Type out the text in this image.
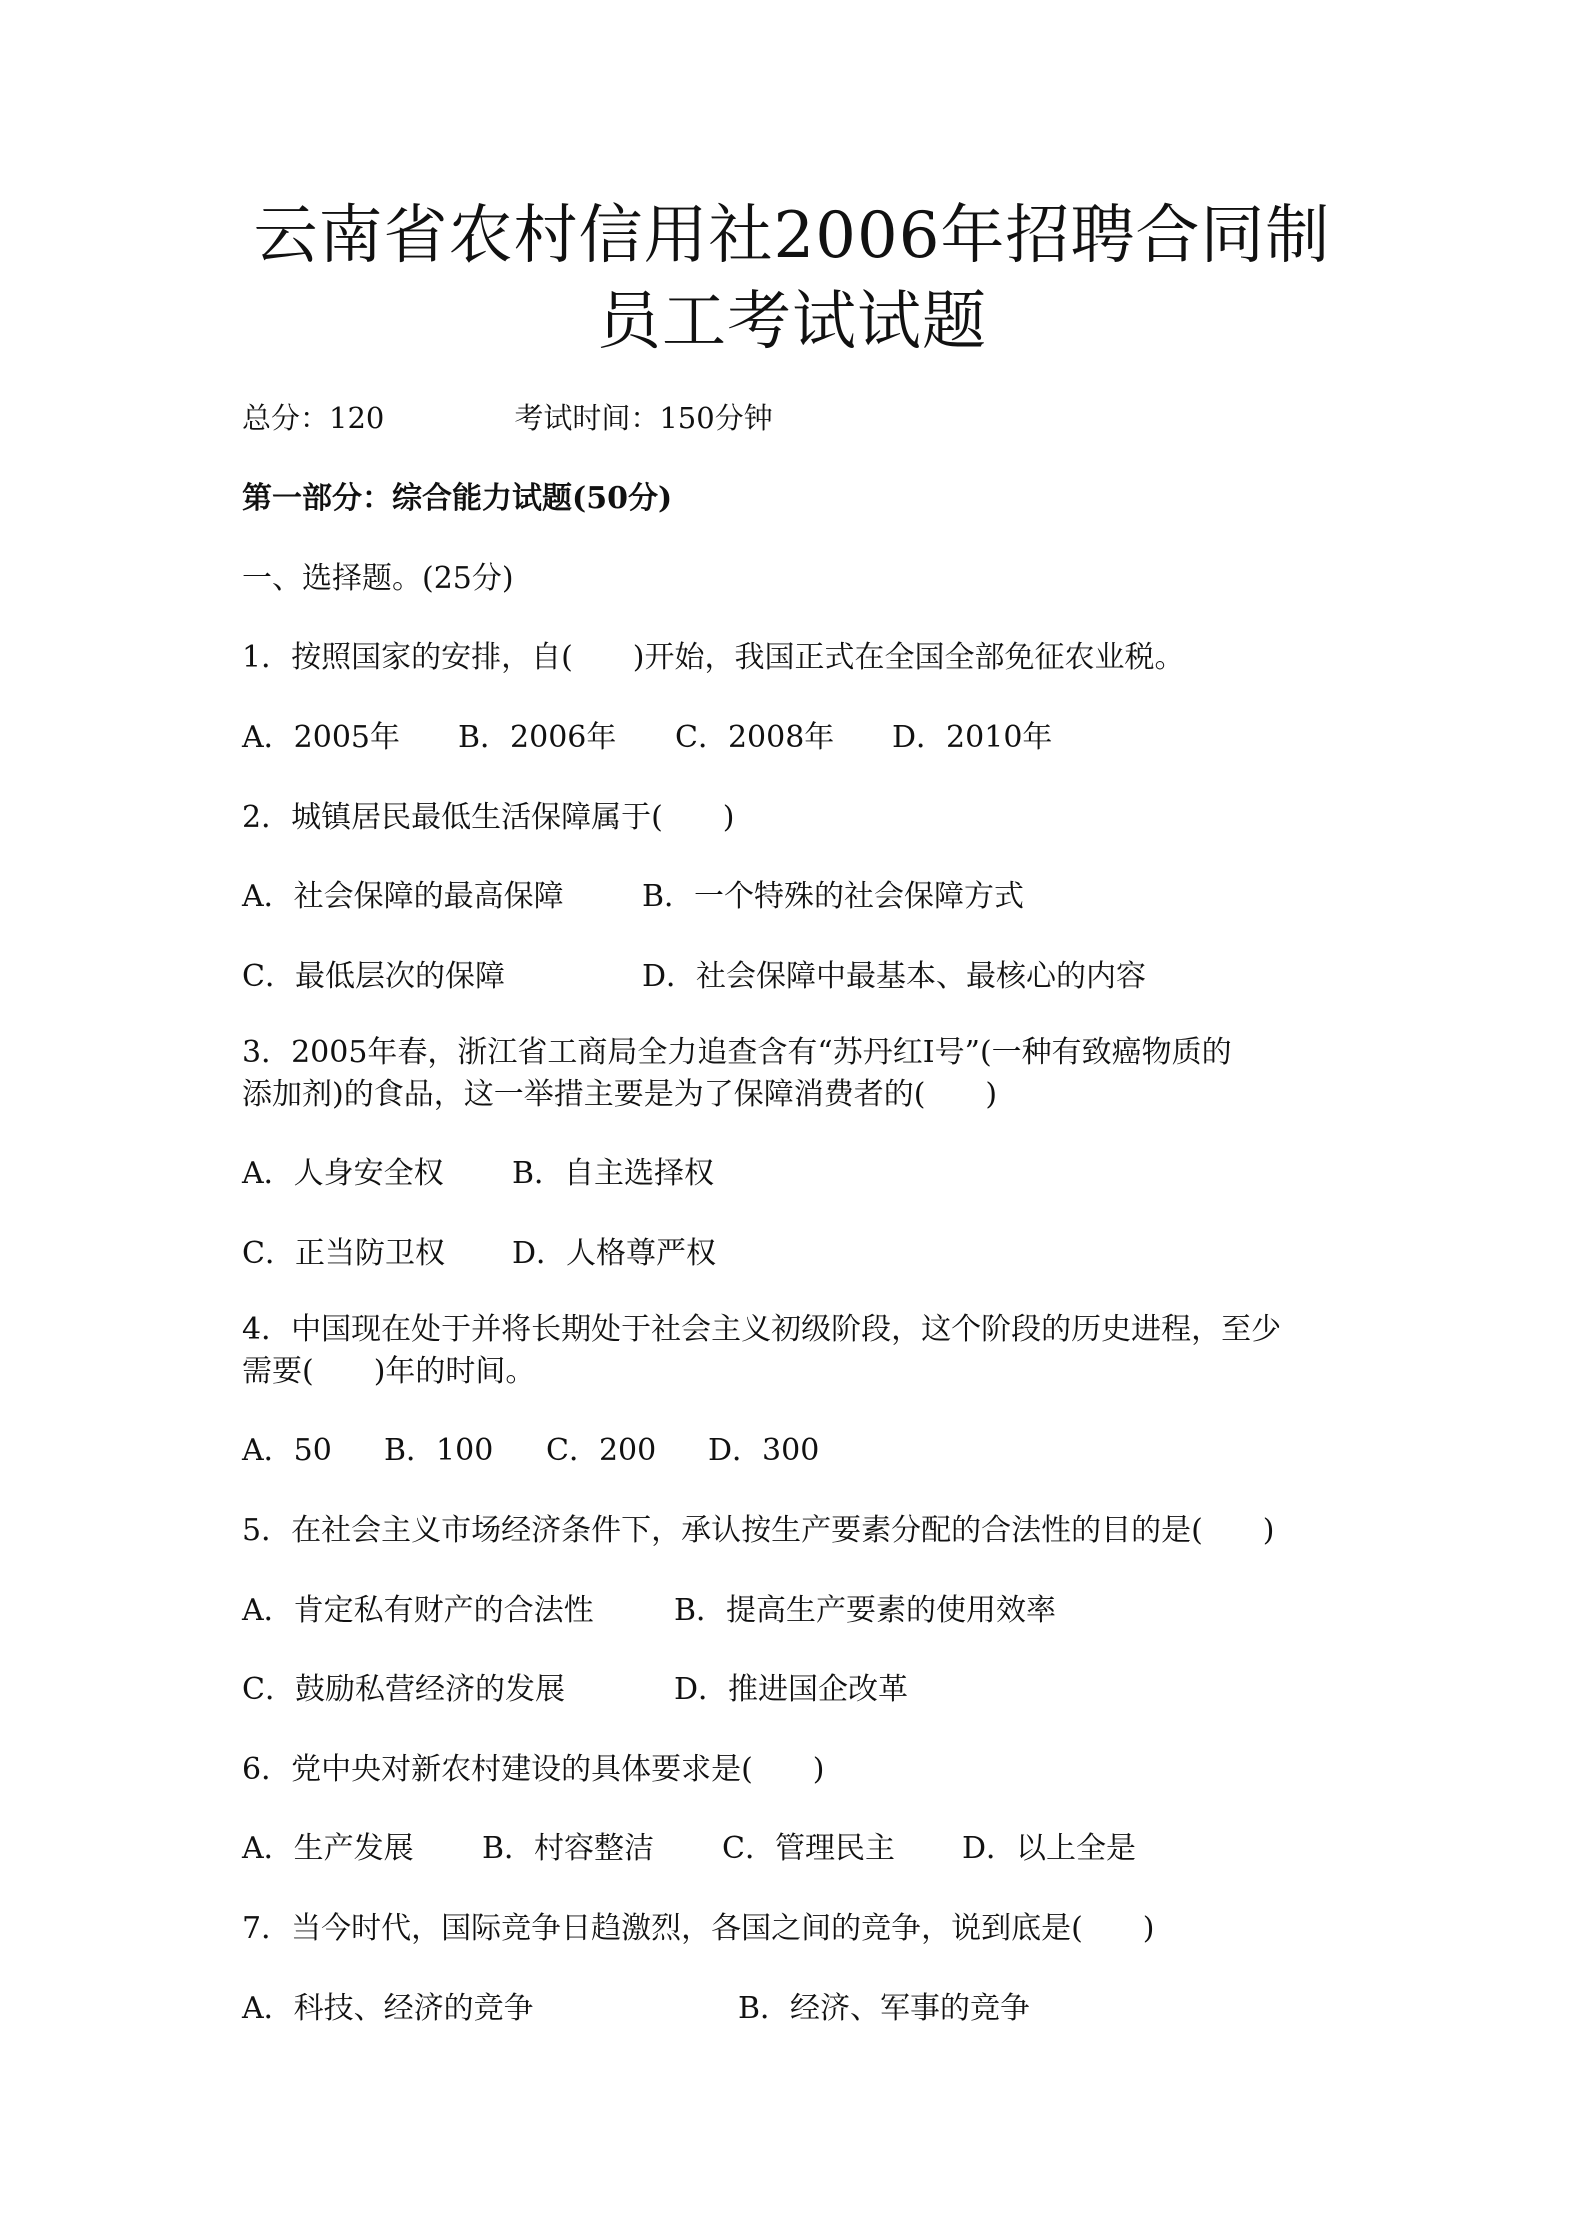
云南省农村信用社2006年招聘合同制
员工考试试题
总分：120	考试时间：150分钟
第一部分：综合能力试题(50分)
一、选择题。(25分)
1．按照国家的安排，自(　　)开始，我国正式在全国全部免征农业税。
A．2005年 B．2006年 C．2008年 D．2010年
2．城镇居民最低生活保障属于(　　)
A．社会保障的最高保障	B．一个特殊的社会保障方式
C．最低层次的保障	D．社会保障中最基本、最核心的内容
3．2005年春，浙江省工商局全力追查含有“苏丹红Ⅰ号”(一种有致癌物质的
添加剂)的食品，这一举措主要是为了保障消费者的(　　)
A．人身安全权 B．自主选择权
C．正当防卫权 D．人格尊严权
4．中国现在处于并将长期处于社会主义初级阶段，这个阶段的历史进程，至少
需要(　　)年的时间。
A．50 B．100 C．200 D．300
5．在社会主义市场经济条件下，承认按生产要素分配的合法性的目的是(　　)
A．肯定私有财产的合法性	B．提高生产要素的使用效率
C．鼓励私营经济的发展	D．推进国企改革
6．党中央对新农村建设的具体要求是(　　)
A．生产发展 B．村容整洁 C．管理民主 D．以上全是
7．当今时代，国际竞争日趋激烈，各国之间的竞争，说到底是(　　)
A．科技、经济的竞争	B．经济、军事的竞争
